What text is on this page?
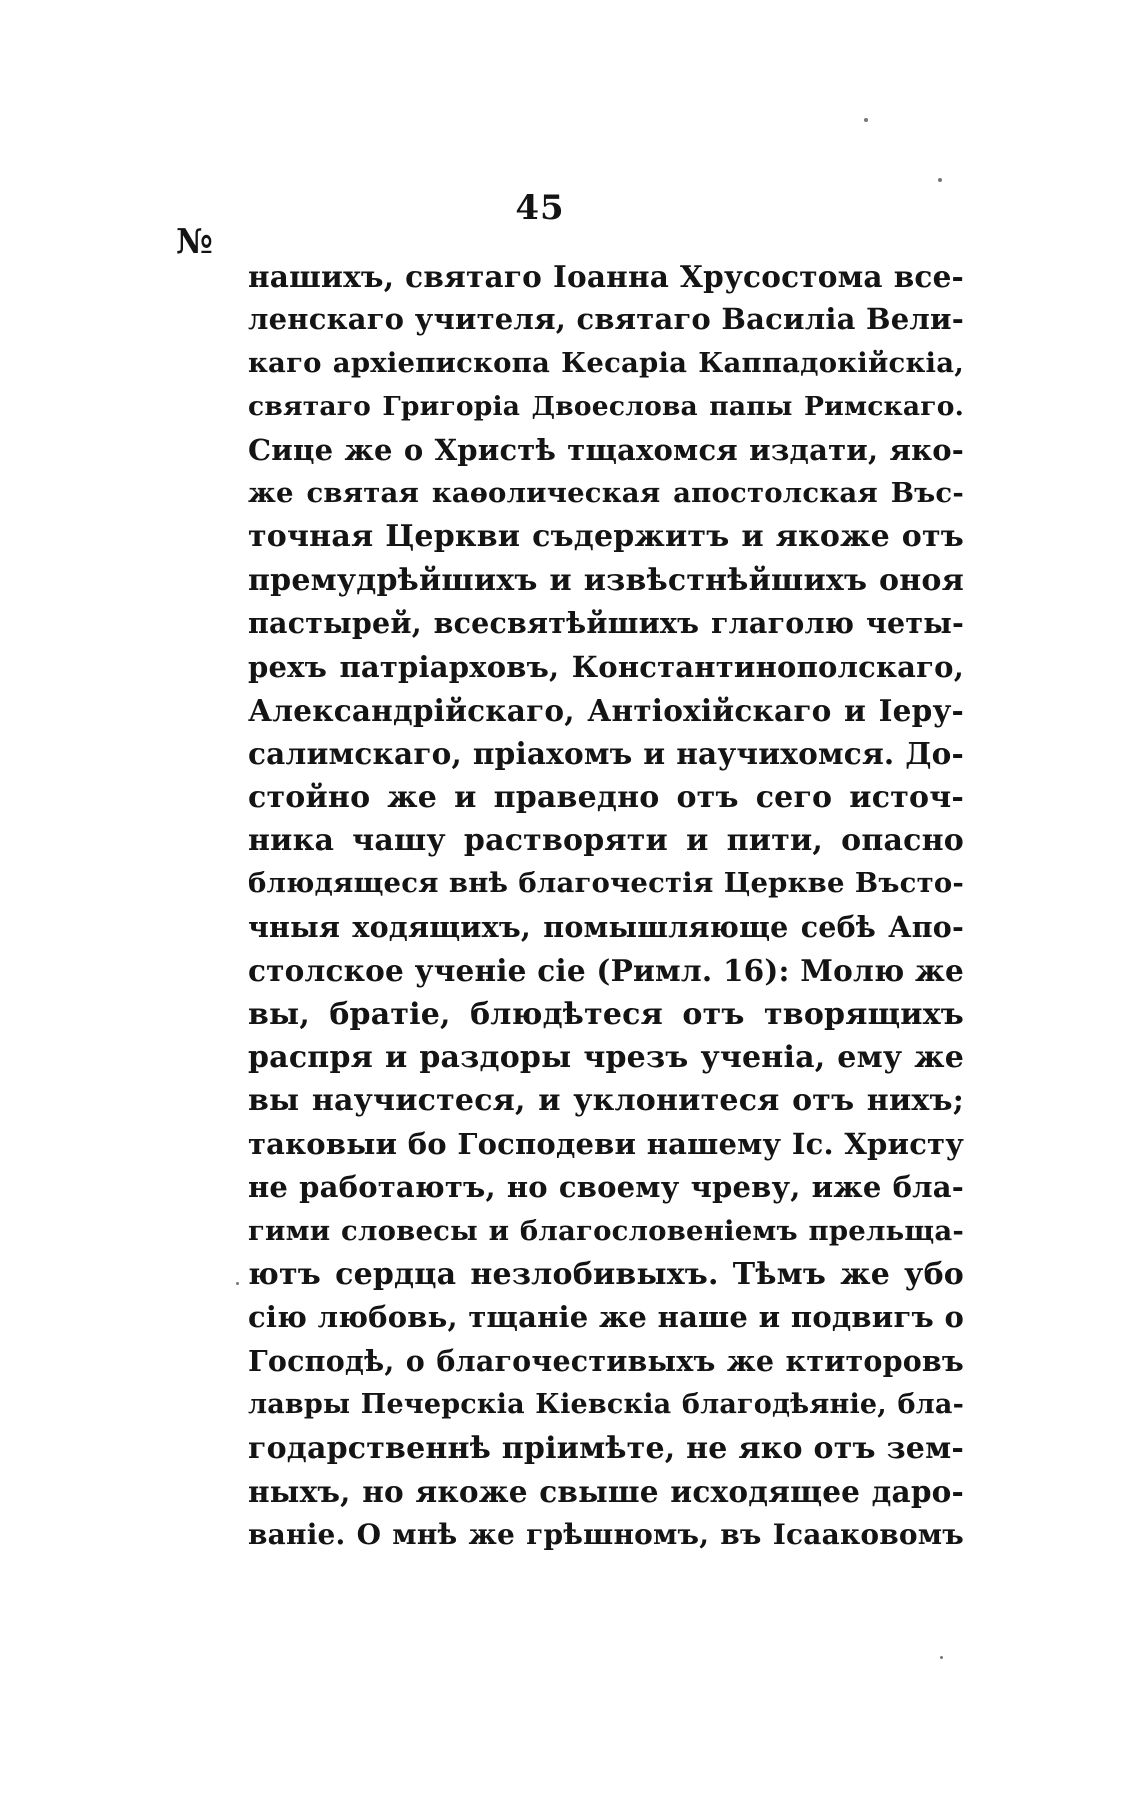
45
№
нашихъ, святаго Іоанна Хрусостома все-
ленскаго учителя, святаго Василіа Вели-
каго архіепископа Кесаріа Каппадокійскіа,
святаго Григоріа Двоеслова папы Римскаго.
Сице же о Христѣ тщахомся издати, яко-
же святая каѳолическая апостолская Въс-
точная Церкви съдержитъ и якоже отъ
премудрѣйшихъ и извѣстнѣйшихъ оноя
пастырей, всесвятѣйшихъ глаголю четы-
рехъ патріарховъ, Константинополскаго,
Александрійскаго, Антіохійскаго и Іеру-
салимскаго, пріахомъ и научихомся. До-
стойно же и праведно отъ сего источ-
ника чашу растворяти и пити, опасно
блюдящеся внѣ благочестія Церкве Въсто-
чныя ходящихъ, помышляюще себѣ Апо-
столское ученіе сіе (Римл. 16): Молю же
вы, братіе, блюдѣтеся отъ творящихъ
распря и раздоры чрезъ ученіа, ему же
вы научистеся, и уклонитеся отъ нихъ;
таковыи бо Господеви нашему Іс. Христу
не работаютъ, но своему чреву, иже бла-
гими словесы и благословеніемъ прельща-
ютъ сердца незлобивыхъ. Тѣмъ же убо
сію любовь, тщаніе же наше и подвигъ о
Господѣ, о благочестивыхъ же ктиторовъ
лавры Печерскіа Кіевскіа благодѣяніе, бла-
годарственнѣ пріимѣте, не яко отъ зем-
ныхъ, но якоже свыше исходящее даро-
ваніе. О мнѣ же грѣшномъ, въ Ісааковомъ
